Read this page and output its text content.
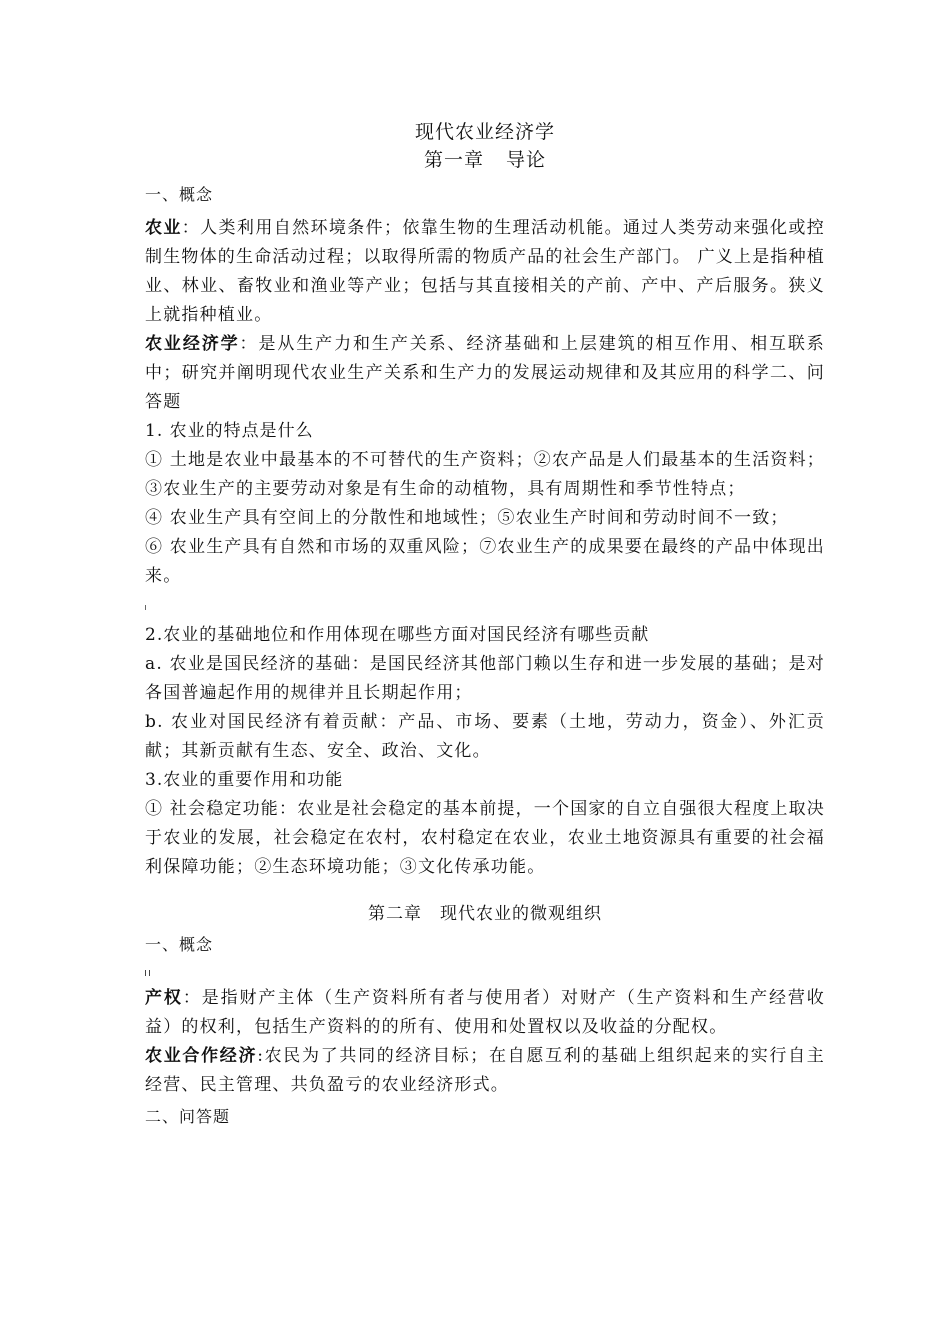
现代农业经济学
第一章 导论
一、概念

农业：人类利用自然环境条件；依靠生物的生理活动机能。通过人类劳动来强化或控制生物体的生命活动过程；以取得所需的物质产品的社会生产部门。 广义上是指种植业、林业、畜牧业和渔业等产业；包括与其直接相关的产前、产中、产后服务。狭义上就指种植业。

农业经济学：是从生产力和生产关系、经济基础和上层建筑的相互作用、相互联系中；研究并阐明现代农业生产关系和生产力的发展运动规律和及其应用的科学二、问答题

1. 农业的特点是什么

① 土地是农业中最基本的不可替代的生产资料；②农产品是人们最基本的生活资料；③农业生产的主要劳动对象是有生命的动植物，具有周期性和季节性特点；

④ 农业生产具有空间上的分散性和地域性；⑤农业生产时间和劳动时间不一致；

⑥ 农业生产具有自然和市场的双重风险；⑦农业生产的成果要在最终的产品中体现出来。

2.农业的基础地位和作用体现在哪些方面对国民经济有哪些贡献

a. 农业是国民经济的基础：是国民经济其他部门赖以生存和进一步发展的基础；是对各国普遍起作用的规律并且长期起作用；

b. 农业对国民经济有着贡献：产品、市场、要素（土地，劳动力，资金）、外汇贡献；其新贡献有生态、安全、政治、文化。

3.农业的重要作用和功能

① 社会稳定功能：农业是社会稳定的基本前提，一个国家的自立自强很大程度上取决于农业的发展，社会稳定在农村，农村稳定在农业，农业土地资源具有重要的社会福利保障功能；②生态环境功能；③文化传承功能。

第二章 现代农业的微观组织
一、概念

产权：是指财产主体（生产资料所有者与使用者）对财产（生产资料和生产经营收益）的权利，包括生产资料的的所有、使用和处置权以及收益的分配权。

农业合作经济:农民为了共同的经济目标；在自愿互利的基础上组织起来的实行自主经营、民主管理、共负盈亏的农业经济形式。

二、问答题
